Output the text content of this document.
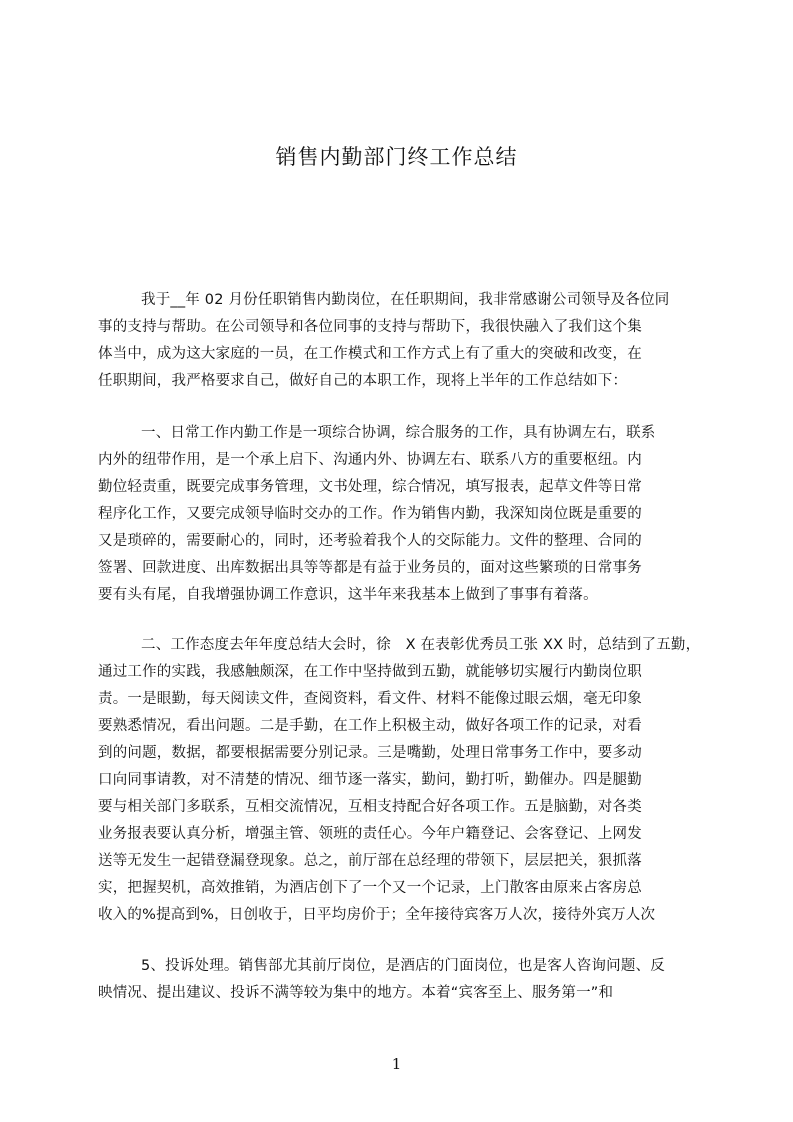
销售内勤部门终工作总结
我于__年 02 月份任职销售内勤岗位，在任职期间，我非常感谢公司领导及各位同
事的支持与帮助。在公司领导和各位同事的支持与帮助下，我很快融入了我们这个集
体当中，成为这大家庭的一员，在工作模式和工作方式上有了重大的突破和改变，在
任职期间，我严格要求自己，做好自己的本职工作，现将上半年的工作总结如下：
一、日常工作内勤工作是一项综合协调，综合服务的工作，具有协调左右，联系
内外的纽带作用，是一个承上启下、沟通内外、协调左右、联系八方的重要枢纽。内
勤位轻责重，既要完成事务管理，文书处理，综合情况，填写报表，起草文件等日常
程序化工作，又要完成领导临时交办的工作。作为销售内勤，我深知岗位既是重要的
又是琐碎的，需要耐心的，同时，还考验着我个人的交际能力。文件的整理、合同的
签署、回款进度、出库数据出具等等都是有益于业务员的，面对这些繁琐的日常事务
要有头有尾，自我增强协调工作意识，这半年来我基本上做到了事事有着落。
二、工作态度去年年度总结大会时，徐　X 在表彰优秀员工张 XX 时，总结到了五勤，
通过工作的实践，我感触颇深，在工作中坚持做到五勤，就能够切实履行内勤岗位职
责。一是眼勤，每天阅读文件，查阅资料，看文件、材料不能像过眼云烟，毫无印象
要熟悉情况，看出问题。二是手勤，在工作上积极主动，做好各项工作的记录，对看
到的问题，数据，都要根据需要分别记录。三是嘴勤，处理日常事务工作中，要多动
口向同事请教，对不清楚的情况、细节逐一落实，勤问，勤打听，勤催办。四是腿勤
要与相关部门多联系，互相交流情况，互相支持配合好各项工作。五是脑勤，对各类
业务报表要认真分析，增强主管、领班的责任心。今年户籍登记、会客登记、上网发
送等无发生一起错登漏登现象。总之，前厅部在总经理的带领下，层层把关，狠抓落
实，把握契机，高效推销，为酒店创下了一个又一个记录，上门散客由原来占客房总
收入的%提高到%，日创收于，日平均房价于；全年接待宾客万人次，接待外宾万人次
5、投诉处理。销售部尤其前厅岗位，是酒店的门面岗位，也是客人咨询问题、反
映情况、提出建议、投诉不满等较为集中的地方。本着“宾客至上、服务第一”和
1
